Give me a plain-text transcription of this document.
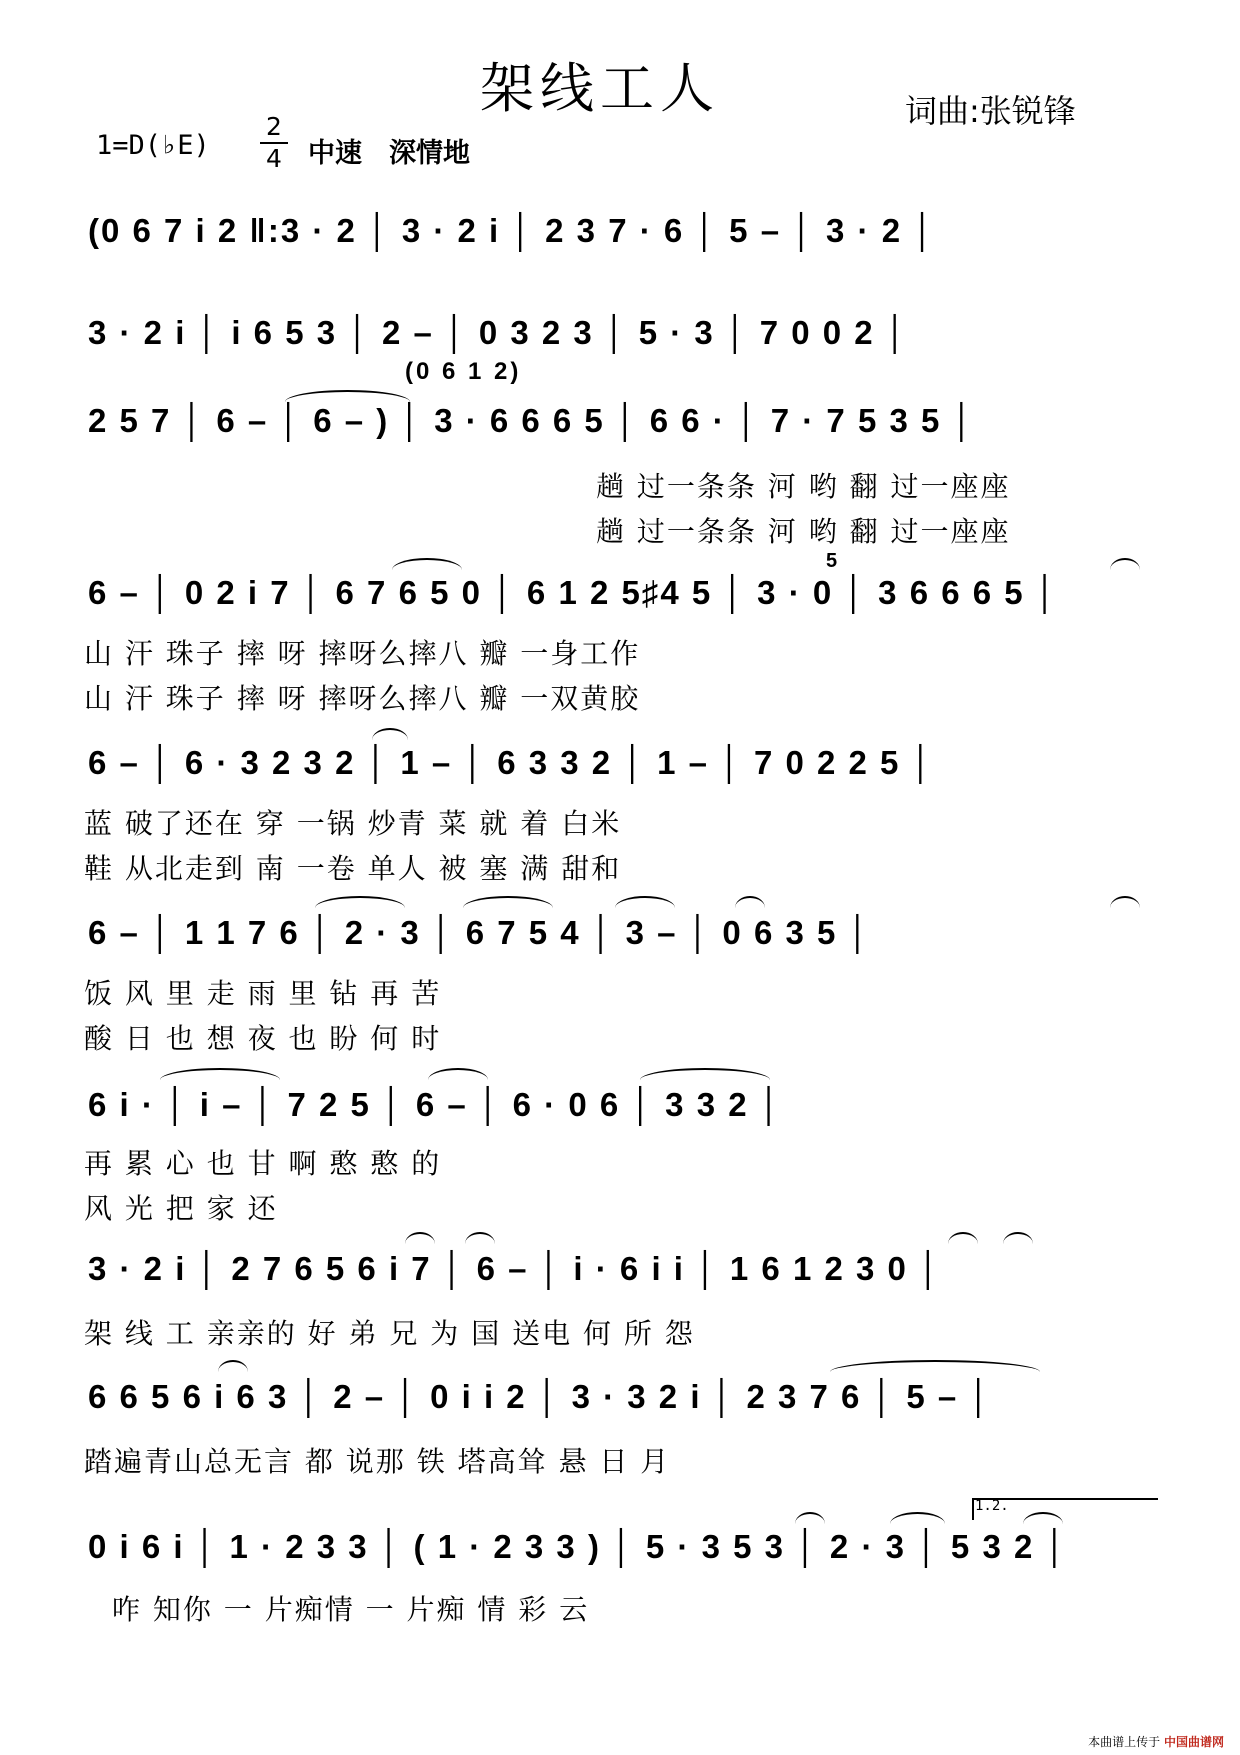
架线工人	词曲:张锐锋
1=D(♭E)
2
4 中速　深情地
(0 6 7 i 2 ‖:3 · 2 │ 3 · 2 i │ 2 3 7 · 6 │ 5 – │ 3 · 2 │
3 · 2 i │ i 6 5 3 │ 2 – │ 0 3 2 3 │ 5 · 3 │ 7 0 0 2 │
(0 6 1 2)
2 5 7 │ 6 – │ 6 – ) │ 3 · 6 6 6 5 │ 6 6 · │ 7 · 7 5 3 5 │
趟 过一条条 河 哟 翻 过一座座
趟 过一条条 河 哟 翻 过一座座
5
6 – │ 0 2 i 7 │ 6 7 6 5 0 │ 6 1 2 5♯4 5 │ 3 · 0 │ 3 6 6 6 5 │
山 汗 珠子 摔 呀 摔呀么摔八 瓣 一身工作
山 汗 珠子 摔 呀 摔呀么摔八 瓣 一双黄胶
6 – │ 6 · 3 2 3 2 │ 1 – │ 6 3 3 2 │ 1 – │ 7 0 2 2 5 │
蓝 破了还在 穿 一锅 炒青 菜 就 着 白米
鞋 从北走到 南 一卷 单人 被 塞 满 甜和
6 – │ 1 1 7 6 │ 2 · 3 │ 6 7 5 4 │ 3 – │ 0 6 3 5 │
饭 风 里 走 雨 里 钻 再 苦
酸 日 也 想 夜 也 盼 何 时
6 i · │ i – │ 7 2 5 │ 6 – │ 6 · 0 6 │ 3 3 2 │
再 累 心 也 甘 啊 憨 憨 的
风 光 把 家 还
3 · 2 i │ 2 7 6 5 6 i 7 │ 6 – │ i · 6 i i │ 1 6 1 2 3 0 │
架 线 工 亲亲的 好 弟 兄 为 国 送电 何 所 怨
6 6 5 6 i 6 3 │ 2 – │ 0 i i 2 │ 3 · 3 2 i │ 2 3 7 6 │ 5 – │
踏遍青山总无言 都 说那 铁 塔高耸 悬 日 月
1.2.
0 i 6 i │ 1 · 2 3 3 │ ( 1 · 2 3 3 ) │ 5 · 3 5 3 │ 2 · 3 │ 5 3 2 │
咋 知你 一 片痴情 一 片痴 情 彩 云
本曲谱上传于 中国曲谱网
